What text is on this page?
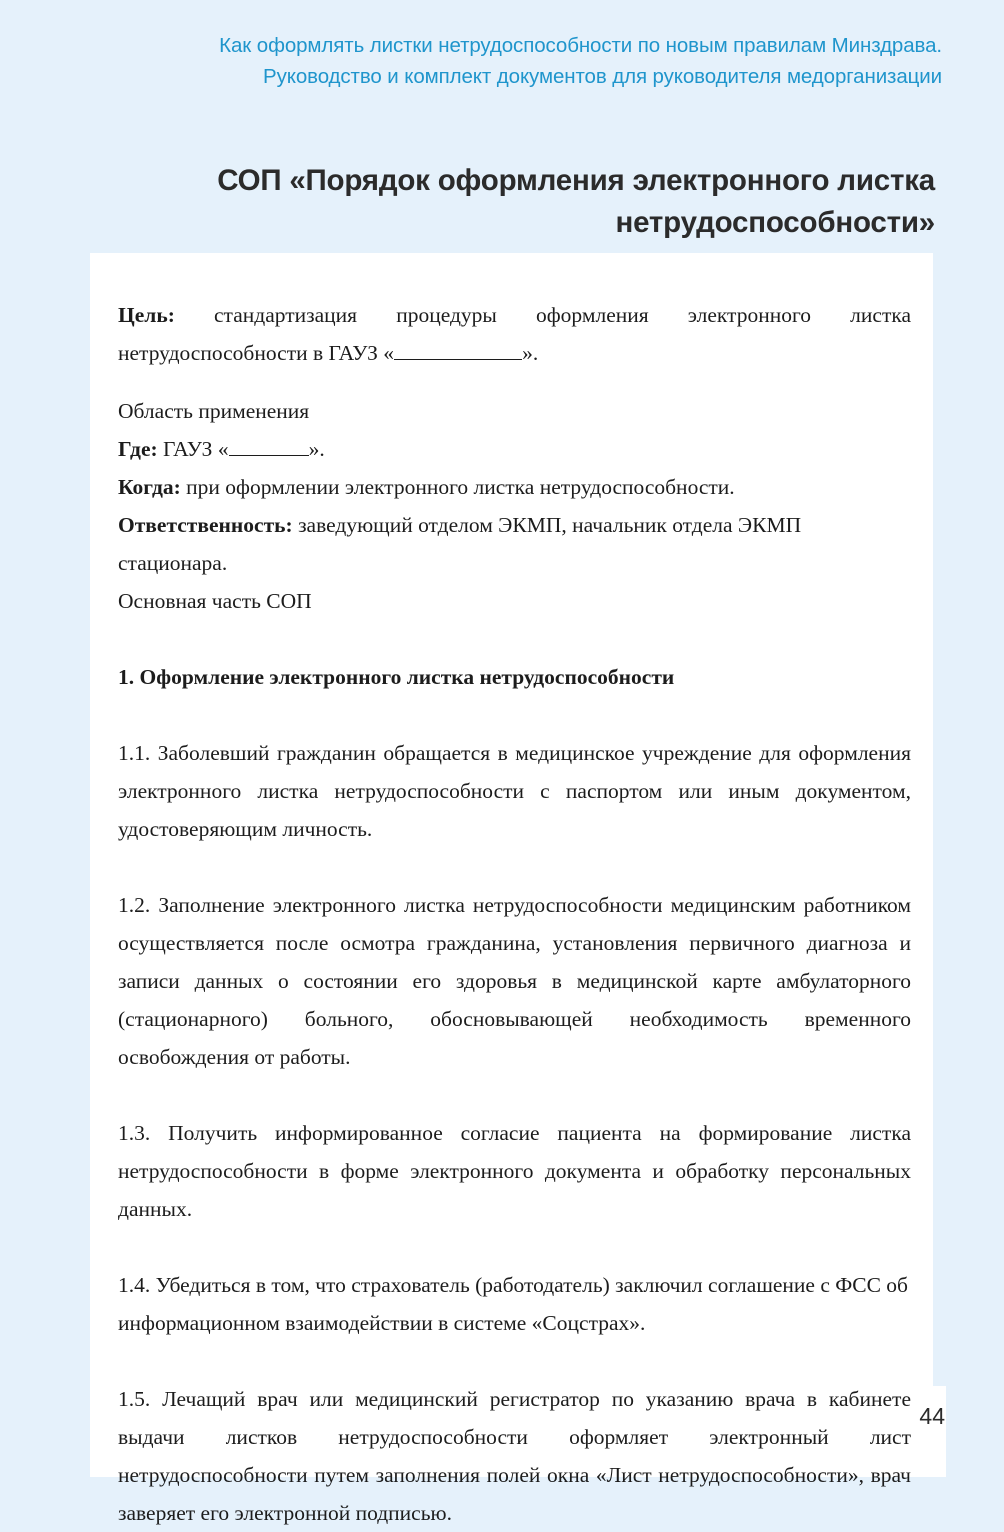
Как оформлять листки нетрудоспособности по новым правилам Минздрава.
Руководство и комплект документов для руководителя медорганизации
СОП «Порядок оформления электронного листка
нетрудоспособности»

Цель: стандартизация процедуры оформления электронного листка нетрудоспособности в ГАУЗ «	».

Область применения

Где: ГАУЗ «	».

Когда: при оформлении электронного листка нетрудоспособности.

Ответственность: заведующий отделом ЭКМП, начальник отдела ЭКМП стационара.

Основная часть СОП

1. Оформление электронного листка нетрудоспособности

1.1. Заболевший гражданин обращается в медицинское учреждение для оформления электронного листка нетрудоспособности с паспортом или иным документом, удостоверяющим личность.

1.2. Заполнение электронного листка нетрудоспособности медицинским работником осуществляется после осмотра гражданина, установления первичного диагноза и записи данных о состоянии его здоровья в медицинской карте амбулаторного (стационарного) больного, обосновывающей необходимость временного освобождения от работы.

1.3. Получить информированное согласие пациента на формирование листка нетрудоспособности в форме электронного документа и обработку персональных данных.

1.4. Убедиться в том, что страхователь (работодатель) заключил соглашение с ФСС об информационном взаимодействии в системе «Соцстрах».

1.5. Лечащий врач или медицинский регистратор по указанию врача в кабинете выдачи листков нетрудоспособности оформляет электронный лист нетрудоспособности путем заполнения полей окна «Лист нетрудоспособности», врач заверяет его электронной подписью.

44
